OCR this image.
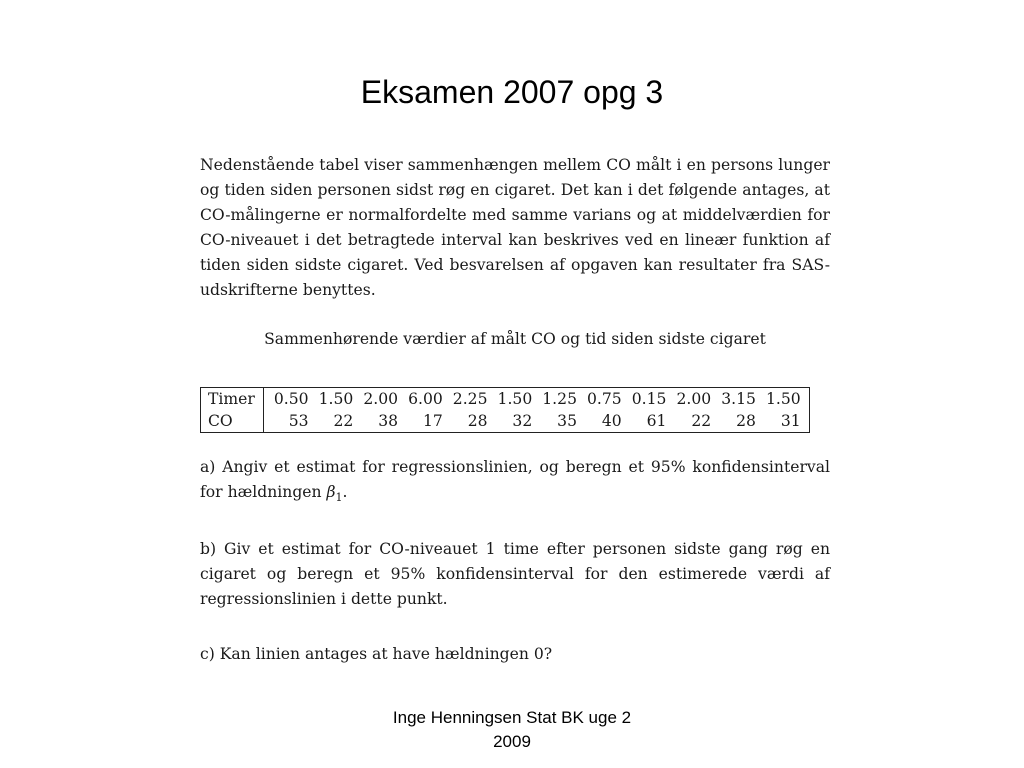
Eksamen 2007 opg 3

Nedenstående tabel viser sammenhængen mellem CO målt i en persons lunger og tiden siden personen sidst røg en cigaret. Det kan i det følgende antages, at CO-målingerne er normalfordelte med samme varians og at middelværdien for CO-niveauet i det betragtede interval kan beskrives ved en lineær funktion af tiden siden sidste cigaret. Ved besvarelsen af opgaven kan resultater fra SAS-udskrifterne benyttes.

Sammenhørende værdier af målt CO og tid siden sidste cigaret

Timer	0.50	1.50	2.00	6.00	2.25	1.50	1.25	0.75	0.15	2.00	3.15	1.50
CO	53	22	38	17	28	32	35	40	61	22	28	31

a) Angiv et estimat for regressionslinien, og beregn et 95% konfidensinterval for hældningen $\beta_1$.

b) Giv et estimat for CO-niveauet 1 time efter personen sidste gang røg en cigaret og beregn et 95% konfidensinterval for den estimerede værdi af regressionslinien i dette punkt.

c) Kan linien antages at have hældningen 0?

Inge Henningsen Stat BK uge 2
2009
